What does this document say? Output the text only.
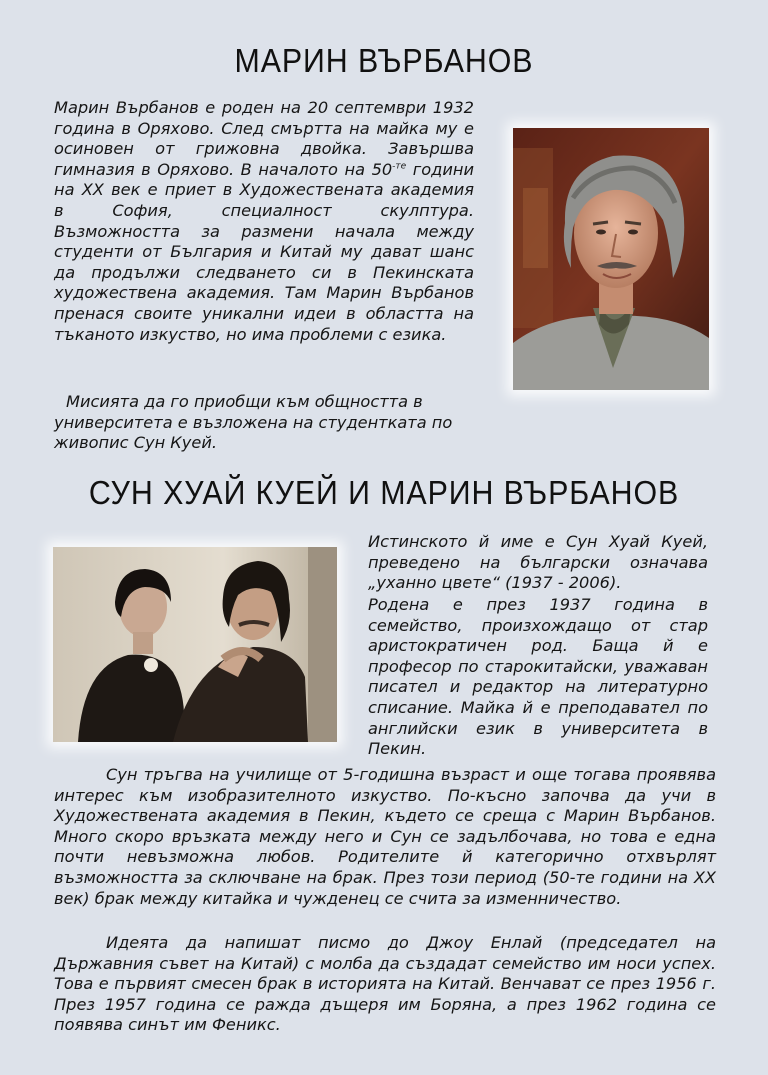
МАРИН ВЪРБАНОВ

Марин Върбанов е роден на 20 септември 1932 година в Оряхово. След смъртта на майка му е осиновен от грижовна двойка. Завършва гимназия в Оряхово. В началото на $50^{-те}$ години на XX век е приет в Художествената академия в София, специалност скулптура. Възможността за размени начала между студенти от България и Китай му дават шанс да продължи следването си в Пекинската художествена академия. Там Марин Върбанов пренася своите уникални идеи в областта на тъканото изкуство, но има проблеми с езика.

Мисията да го приобщи към общността в университета е възложена на студентката по живопис Сун Куей.

СУН ХУАЙ КУЕЙ И МАРИН ВЪРБАНОВ

Истинското й име е Сун Хуай Куей, преведено на български означава „уханно цвете“ (1937 - 2006).

Родена е през 1937 година в семейство, произхождащо от стар аристократичен род. Баща й е професор по старокитайски, уважаван писател и редактор на литературно списание. Майка й е преподавател по английски език в университета в Пекин.

Сун тръгва на училище от 5-годишна възраст и още тогава проявява интерес към изобразителното изкуство. По-късно започва да учи в Художествената академия в Пекин, където се среща с Марин Върбанов. Много скоро връзката между него и Сун се задълбочава, но това е една почти невъзможна любов. Родителите й категорично отхвърлят възможността за сключване на брак. През този период (50-те години на XX век) брак между китайка и чужденец се счита за изменничество.

Идеята да напишат писмо до Джоу Енлай (председател на Държавния съвет на Китай) с молба да създадат семейство им носи успех. Това е първият смесен брак в историята на Китай. Венчават се през 1956 г. През 1957 година се ражда дъщеря им Боряна, а през 1962 година се появява синът им Феникс.
